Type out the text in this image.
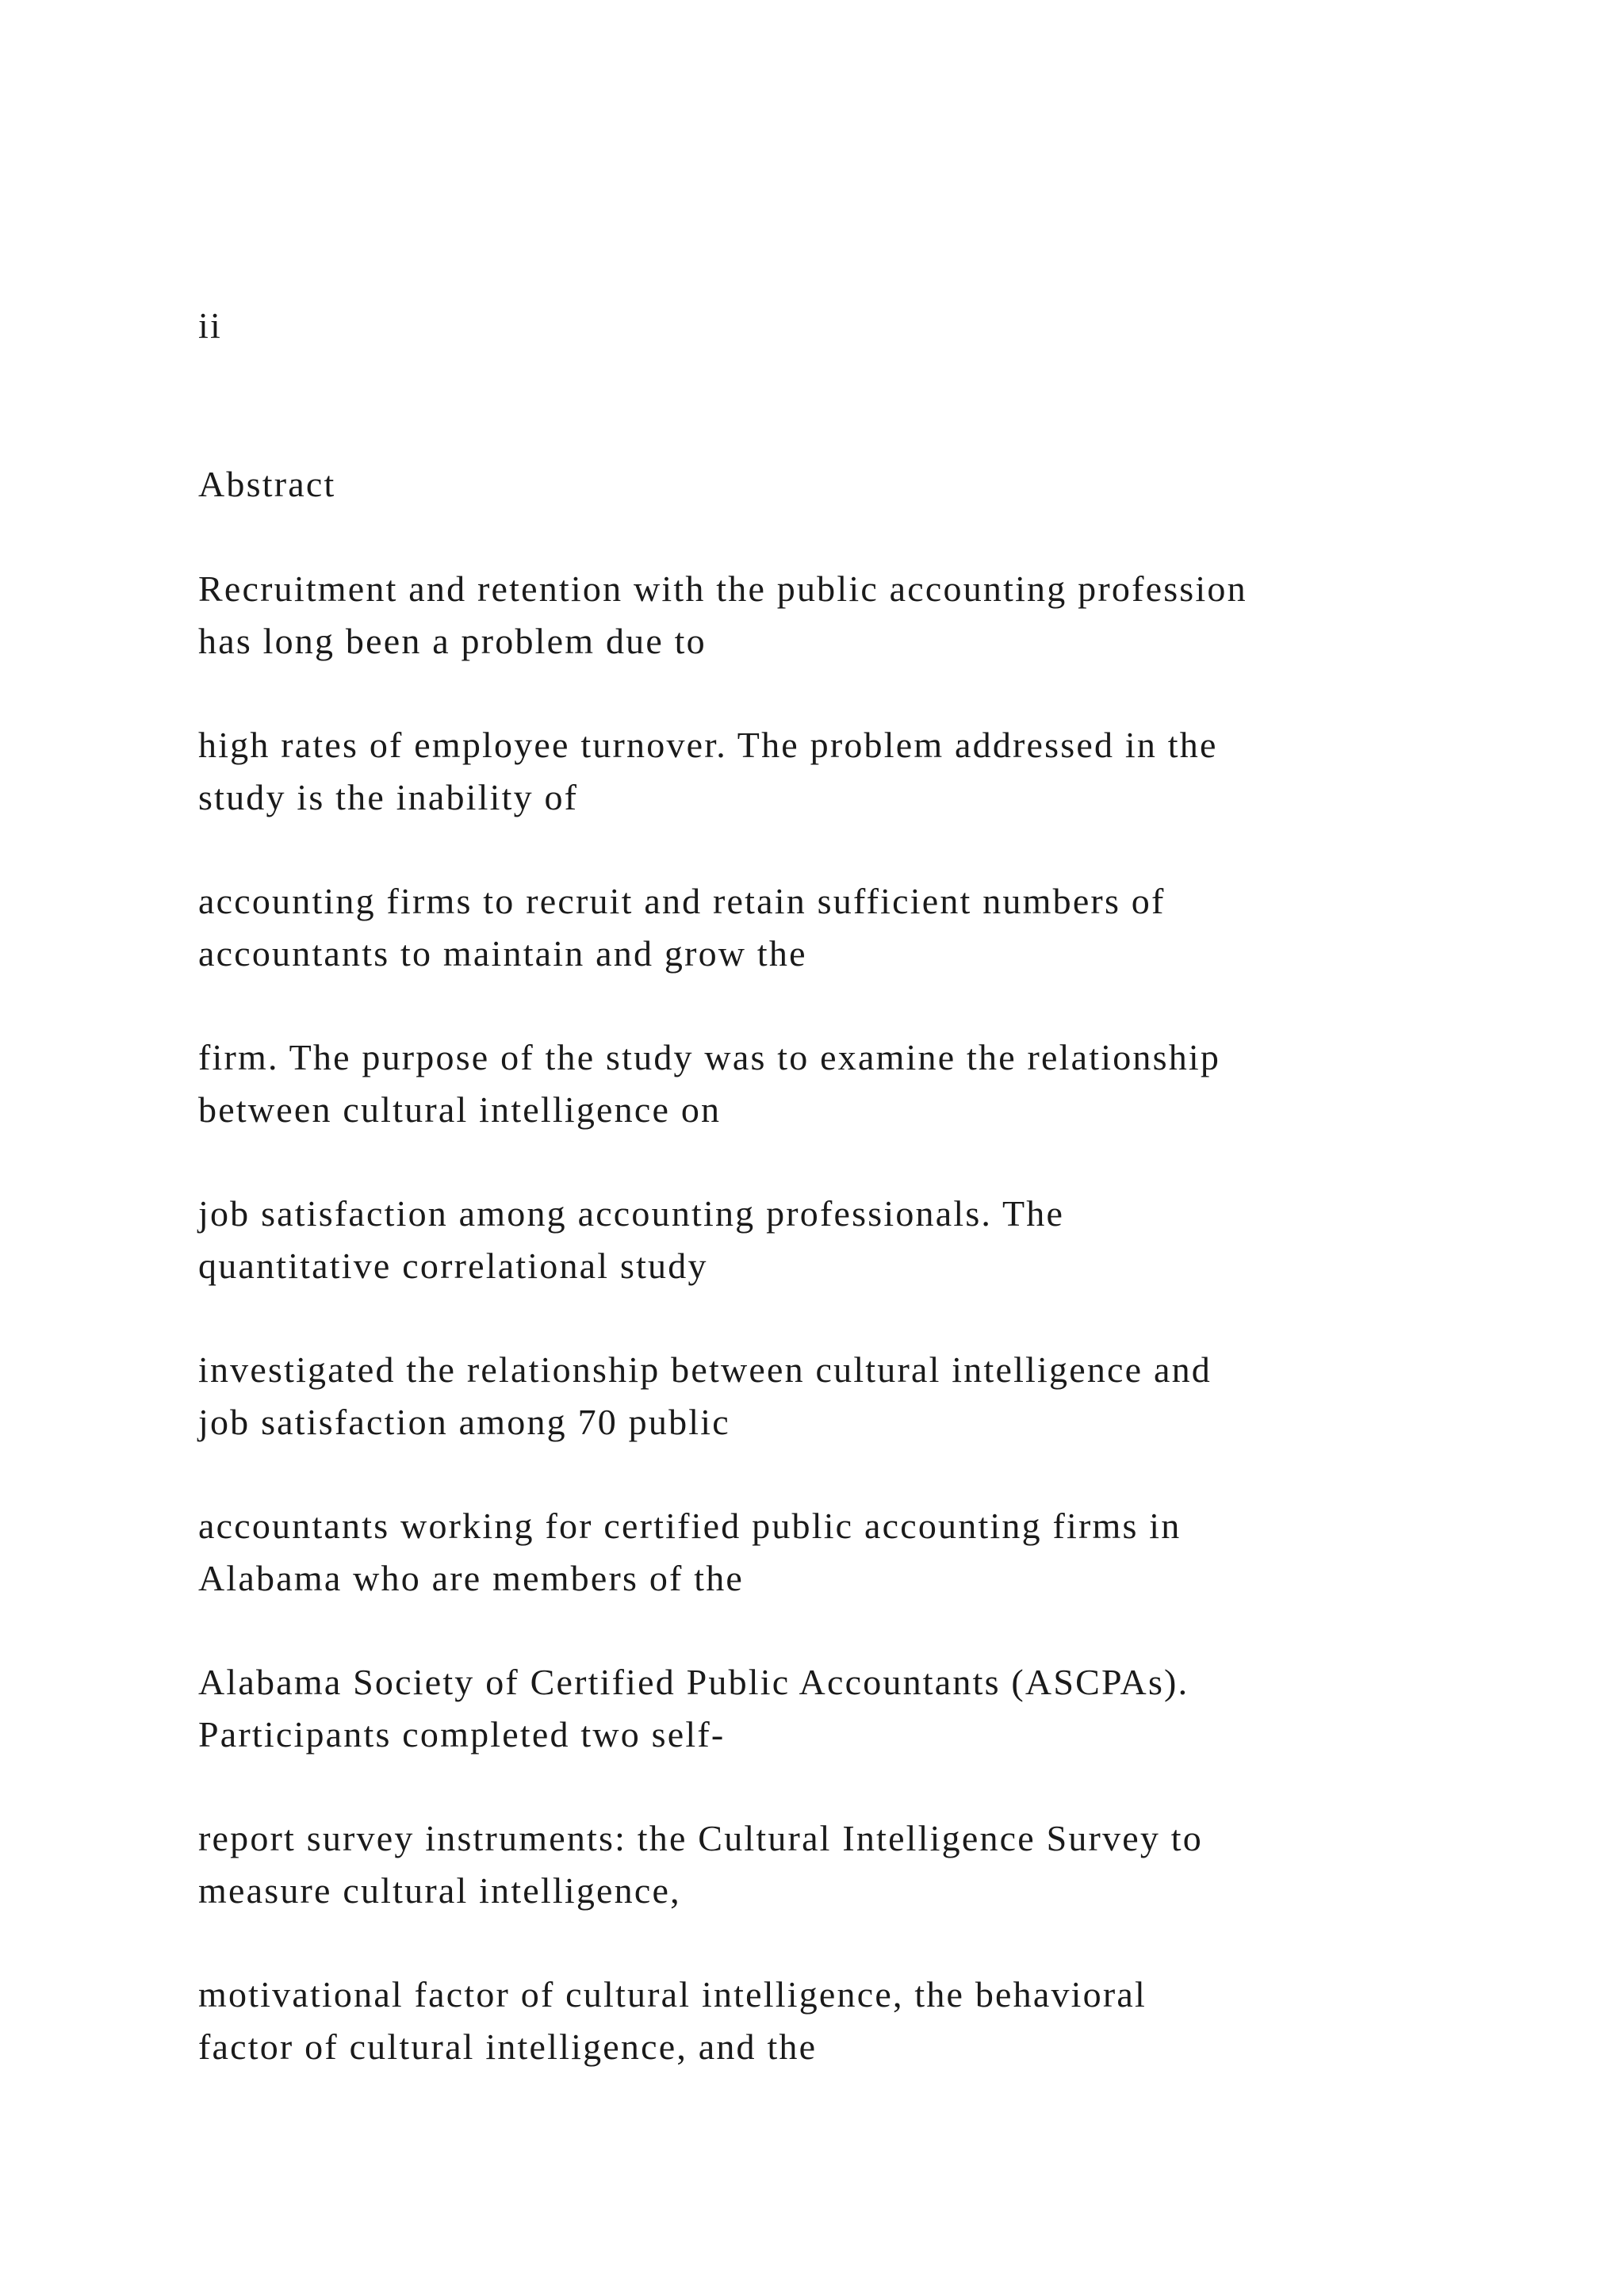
ii

Abstract

Recruitment and retention with the public accounting profession
has long been a problem due to

high rates of employee turnover. The problem addressed in the
study is the inability of

accounting firms to recruit and retain sufficient numbers of
accountants to maintain and grow the

firm. The purpose of the study was to examine the relationship
between cultural intelligence on

job satisfaction among accounting professionals. The
quantitative correlational study

investigated the relationship between cultural intelligence and
job satisfaction among 70 public

accountants working for certified public accounting firms in
Alabama who are members of the

Alabama Society of Certified Public Accountants (ASCPAs).
Participants completed two self-

report survey instruments: the Cultural Intelligence Survey to
measure cultural intelligence,

motivational factor of cultural intelligence, the behavioral
factor of cultural intelligence, and the
